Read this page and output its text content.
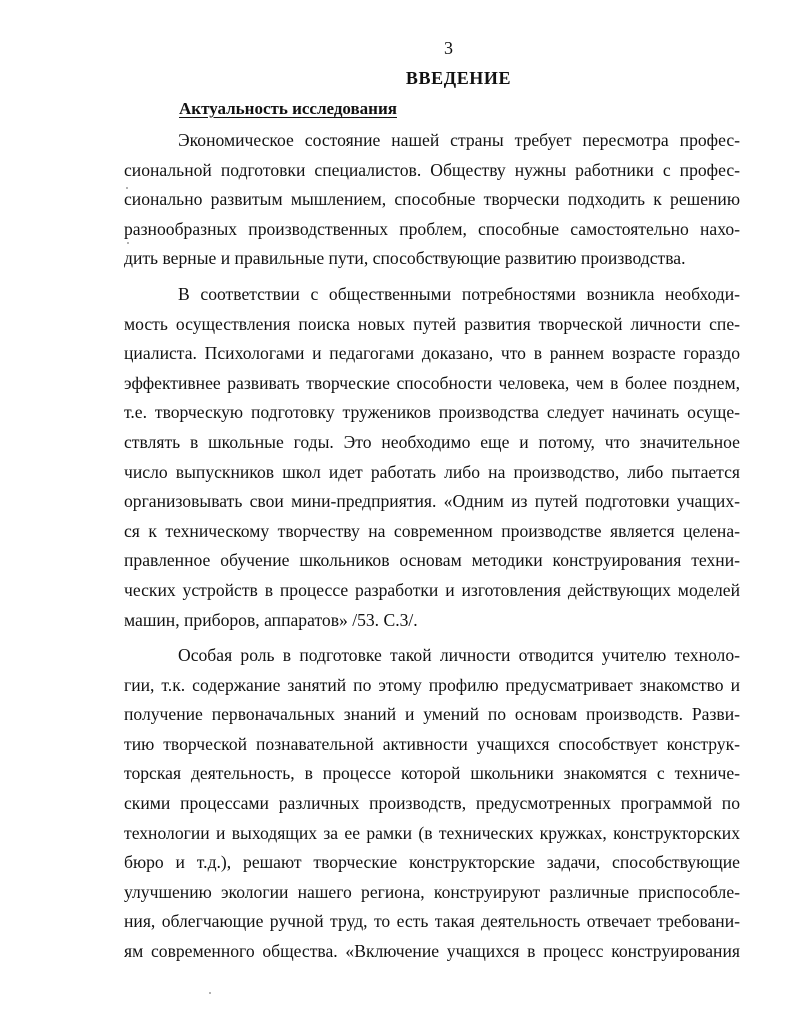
3
ВВЕДЕНИЕ
Актуальность исследования

Экономическое состояние нашей страны требует пересмотра профес-
сиональной подготовки специалистов. Обществу нужны работники с профес-
сионально развитым мышлением, способные творчески подходить к решению
разнообразных производственных проблем, способные самостоятельно нахо-
дить верные и правильные пути, способствующие развитию производства.

В соответствии с общественными потребностями возникла необходи-
мость осуществления поиска новых путей развития творческой личности спе-
циалиста. Психологами и педагогами доказано, что в раннем возрасте гораздо
эффективнее развивать творческие способности человека, чем в более позднем,
т.е. творческую подготовку тружеников производства следует начинать осуще-
ствлять в школьные годы. Это необходимо еще и потому, что значительное
число выпускников школ идет работать либо на производство, либо пытается
организовывать свои мини-предприятия. «Одним из путей подготовки учащих-
ся к техническому творчеству на современном производстве является целена-
правленное обучение школьников основам методики конструирования техни-
ческих устройств в процессе разработки и изготовления действующих моделей
машин, приборов, аппаратов» /53. С.3/.

Особая роль в подготовке такой личности отводится учителю техноло-
гии, т.к. содержание занятий по этому профилю предусматривает знакомство и
получение первоначальных знаний и умений по основам производств. Разви-
тию творческой познавательной активности учащихся способствует конструк-
торская деятельность, в процессе которой школьники знакомятся с техниче-
скими процессами различных производств, предусмотренных программой по
технологии и выходящих за ее рамки (в технических кружках, конструкторских
бюро и т.д.), решают творческие конструкторские задачи, способствующие
улучшению экологии нашего региона, конструируют различные приспособле-
ния, облегчающие ручной труд, то есть такая деятельность отвечает требовани-
ям современного общества. «Включение учащихся в процесс конструирования
